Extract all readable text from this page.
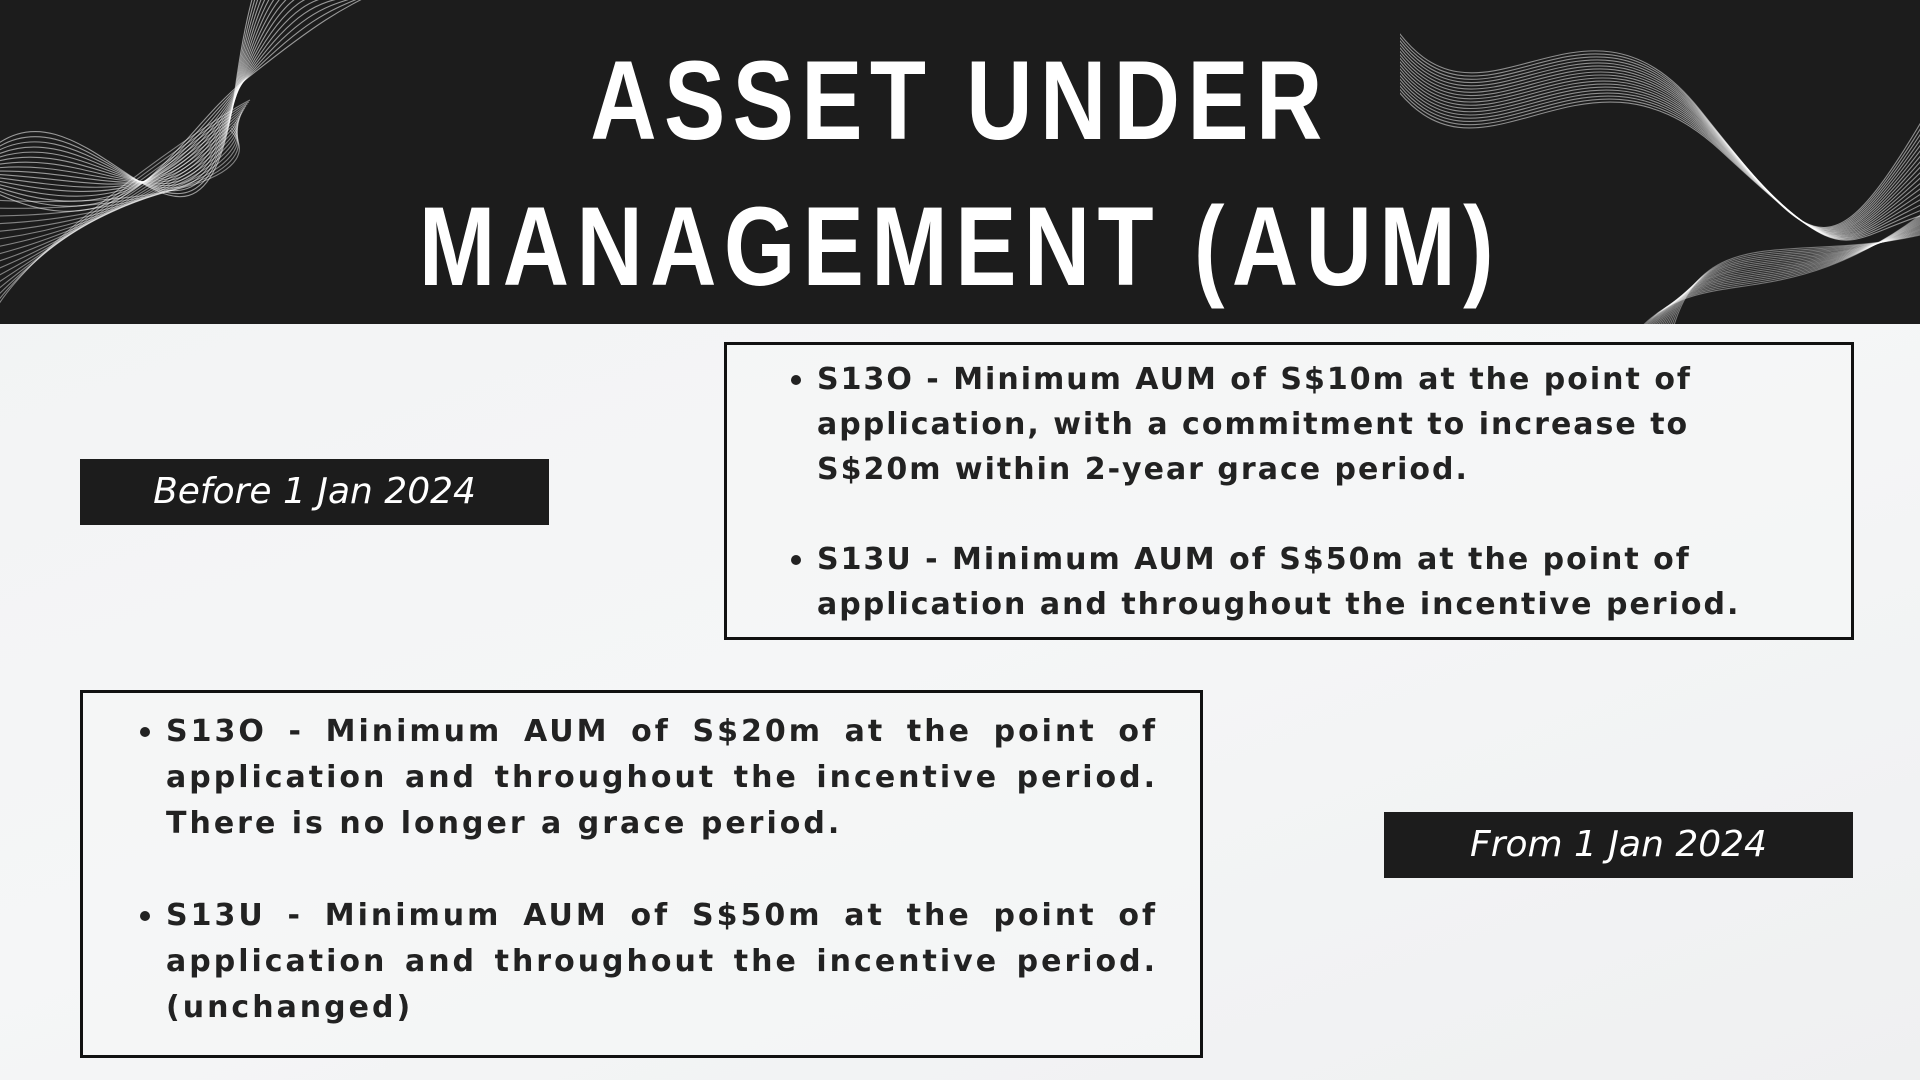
ASSET UNDER
MANAGEMENT (AUM)
Before 1 Jan 2024
S13O - Minimum AUM of S$10m at the point of application, with a commitment to increase to S$20m within 2-year grace period.
S13U - Minimum AUM of S$50m at the point of application and throughout the incentive period.
S13O - Minimum AUM of S$20m at the point of application and throughout the incentive period. There is no longer a grace period.
S13U - Minimum AUM of S$50m at the point of application and throughout the incentive period. (unchanged)
From 1 Jan 2024
